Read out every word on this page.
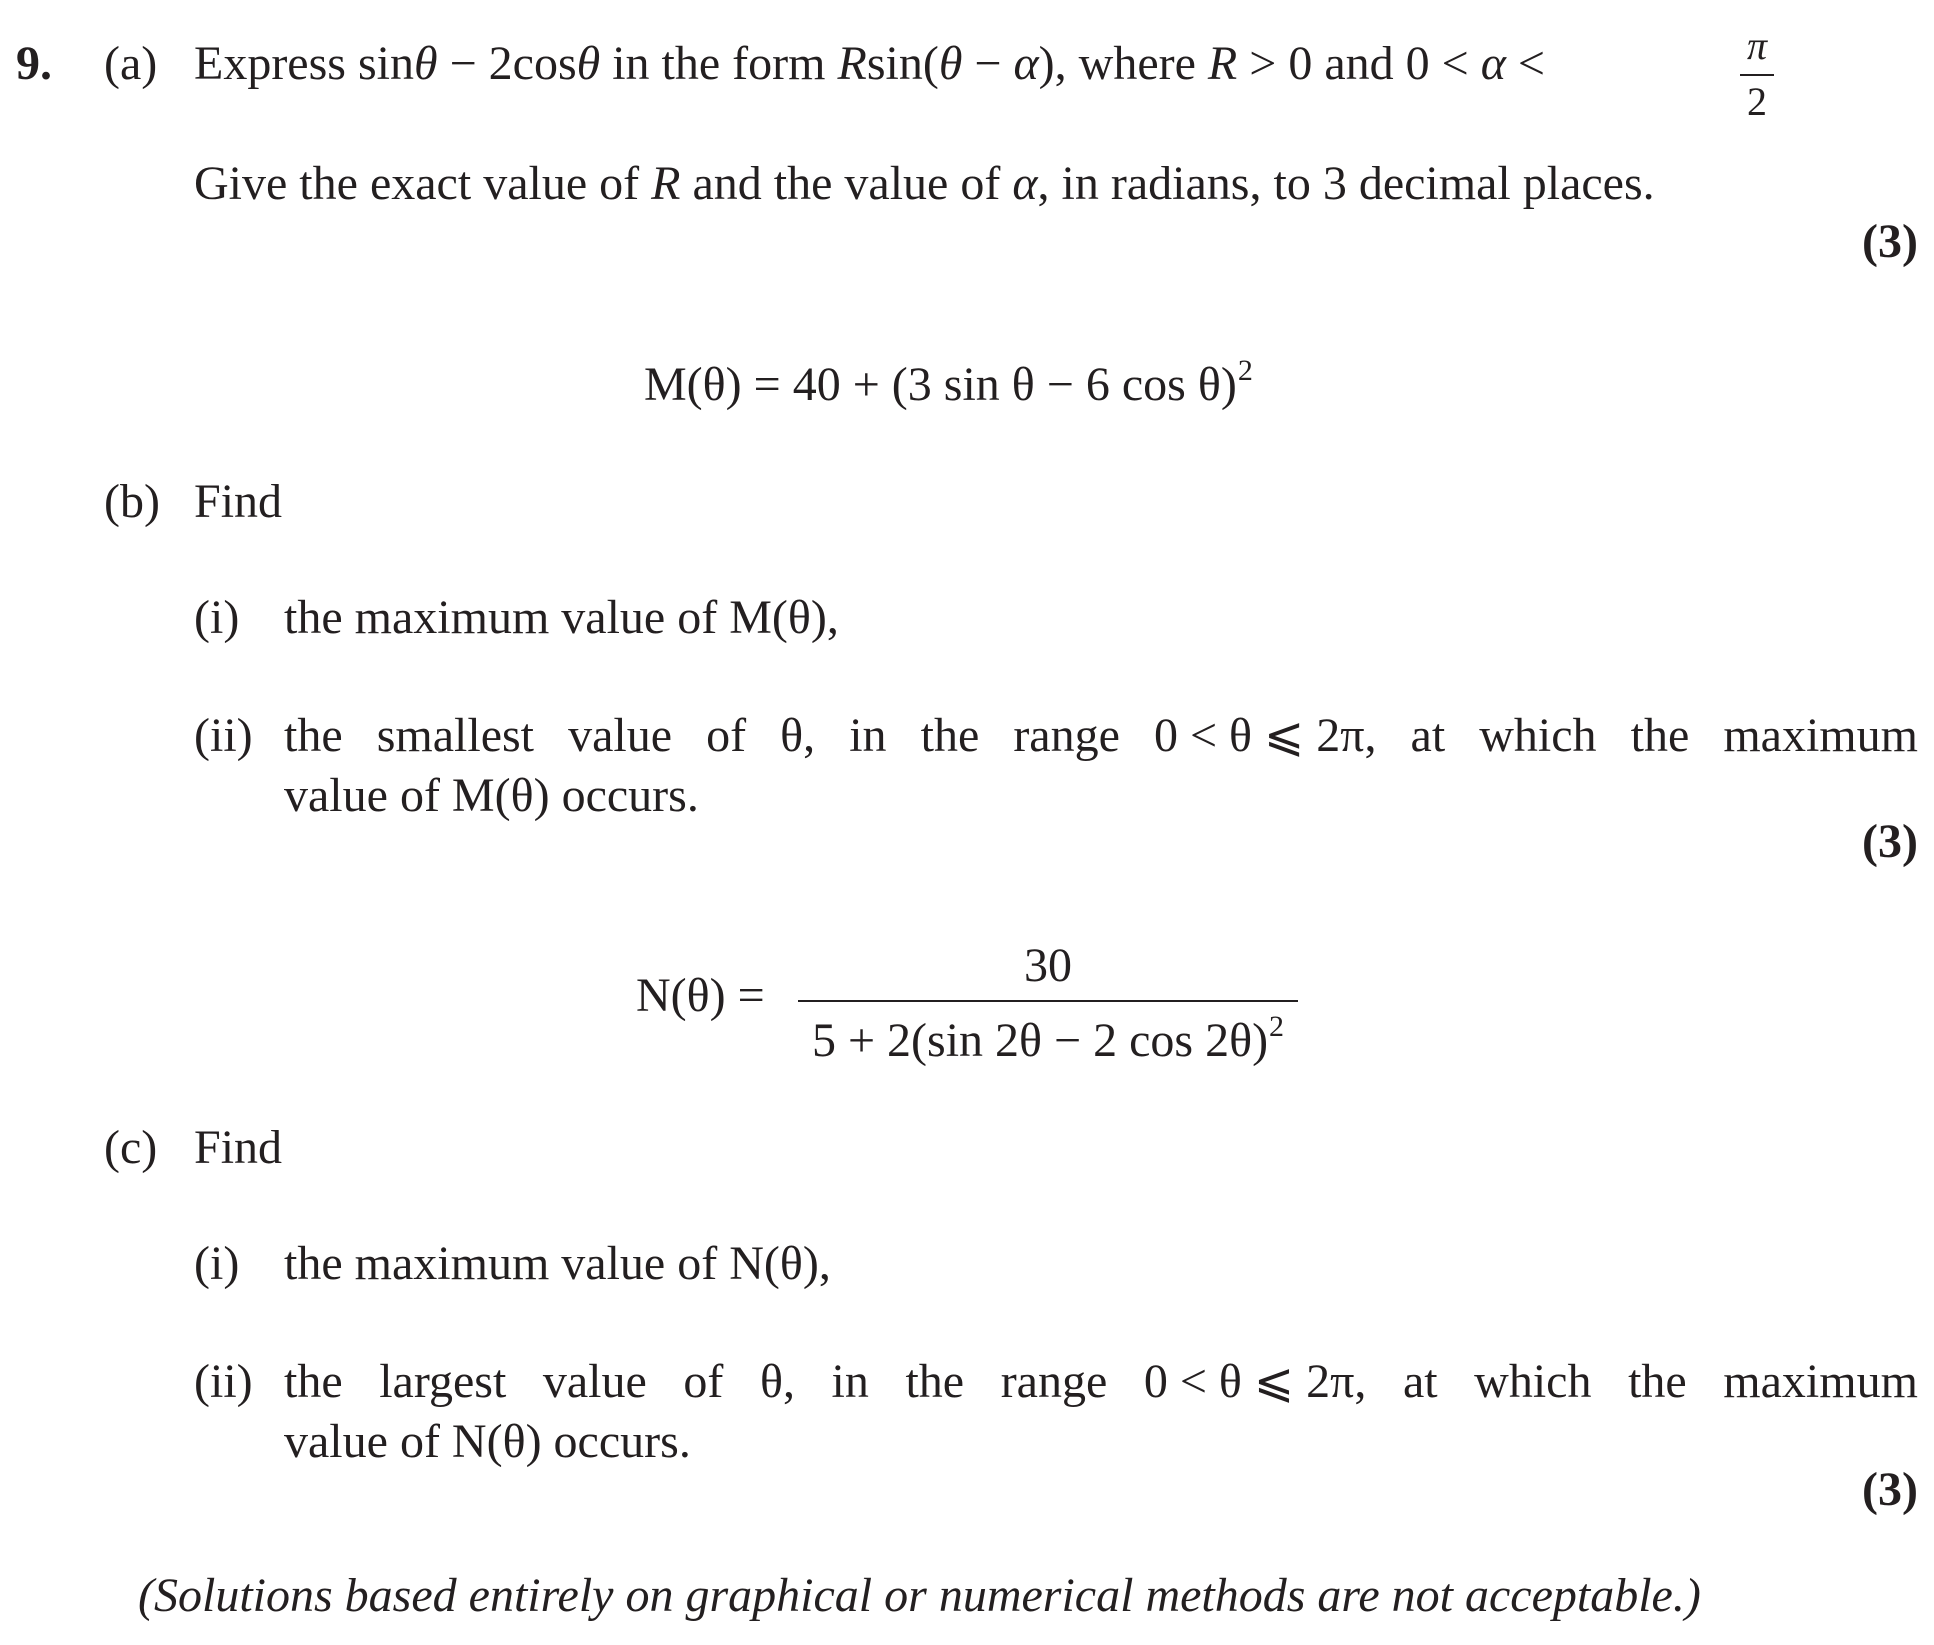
9. (a) Express sinθ − 2cosθ in the form Rsin(θ − α), where R > 0 and 0 < α <	π
2
Give the exact value of R and the value of α, in radians, to 3 decimal places.
(3)
M(θ) = 40 + (3 sin θ − 6 cos θ)$^2$
(b) Find
(i) the maximum value of M(θ),
(ii) the smallest value of θ, in the range 0 < θ ⩽ 2π, at which the maximum
value of M(θ) occurs.
(3)
N(θ) =
30
5 + 2(sin 2θ − 2 cos 2θ)$^2$
(c) Find
(i) the maximum value of N(θ),
(ii) the largest value of θ, in the range 0 < θ ⩽ 2π, at which the maximum
value of N(θ) occurs.
(3)
(Solutions based entirely on graphical or numerical methods are not acceptable.)
